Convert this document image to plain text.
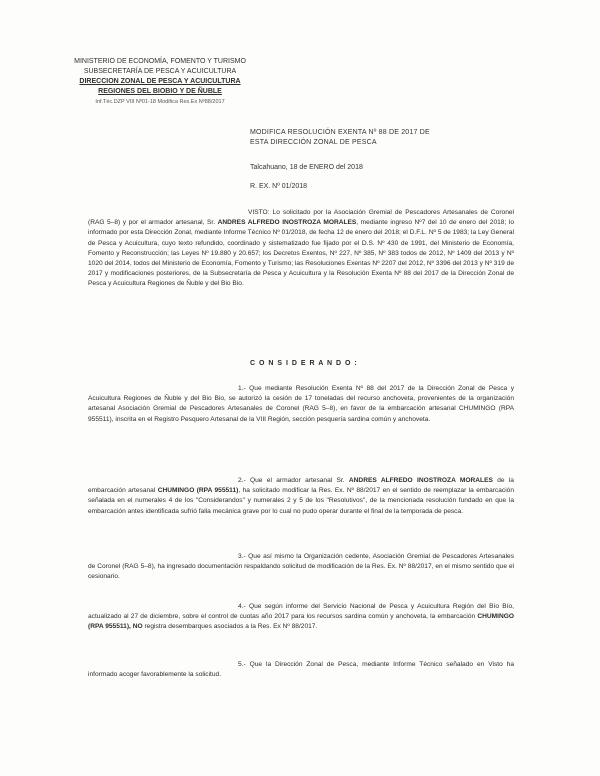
MINISTERIO DE ECONOMÍA, FOMENTO Y TURISMO
SUBSECRETARÍA DE PESCA Y ACUICULTURA
DIRECCION ZONAL DE PESCA Y ACUICULTURA
REGIONES DEL BIOBIO Y DE ÑUBLE
Inf.Téc.DZP VIII Nº01-18 Modifica Res.Ex Nº88/2017
MODIFICA RESOLUCIÓN EXENTA Nº 88 DE 2017 DE
ESTA DIRECCIÓN ZONAL DE PESCA
Talcahuano, 18 de ENERO del 2018
R. EX. Nº 01/2018
VISTO: Lo solicitado por la Asociación Gremial de Pescadores Artesanales de Coronel (RAG 5–8) y por el armador artesanal, Sr. ANDRES ALFREDO INOSTROZA MORALES, mediante ingreso Nº7 del 10 de enero del 2018; lo informado por esta Dirección Zonal, mediante Informe Técnico Nº 01/2018, de fecha 12 de enero del 2018; el D.F.L. Nº 5 de 1983; la Ley General de Pesca y Acuicultura, cuyo texto refundido, coordinado y sistematizado fue fijado por el D.S. Nº 430 de 1991, del Ministerio de Economía, Fomento y Reconstrucción; las Leyes Nº 19.880 y 20.657; los Decretos Exentos, Nº 227, Nº 385, Nº 383 todos de 2012, Nº 1409 del 2013 y Nº 1020 del 2014, todos del Ministerio de Economía, Fomento y Turismo; las Resoluciones Exentas Nº 2207 del 2012, Nº 3396 del 2013 y Nº 319 de 2017 y modificaciones posteriores, de la Subsecretaría de Pesca y Acuicultura y la Resolución Exenta Nº 88 del 2017 de la Dirección Zonal de Pesca y Acuicultura Regiones de Ñuble y del Bio Bio.
C O N S I D E R A N D O :
1.- Que mediante Resolución Exenta Nº 88 del 2017 de la Dirección Zonal de Pesca y Acuicultura Regiones de Ñuble y del Bio Bio, se autorizó la cesión de 17 toneladas del recurso anchoveta, provenientes de la organización artesanal Asociación Gremial de Pescadores Artesanales de Coronel (RAG 5–8), en favor de la embarcación artesanal CHUMINGO (RPA 955511), inscrita en el Registro Pesquero Artesanal de la VIII Región, sección pesquería sardina común y anchoveta.
2.- Que el armador artesanal Sr. ANDRES ALFREDO INOSTROZA MORALES de la embarcación artesanal CHUMINGO (RPA 955511), ha solicitado modificar la Res. Ex. Nº 88/2017 en el sentido de reemplazar la embarcación señalada en el numerales 4 de los "Considerandos" y numerales 2 y 5 de los "Resolutivos", de la mencionada resolución fundado en que la embarcación antes identificada sufrió falla mecánica grave por lo cual no pudo operar durante el final de la temporada de pesca.
3.- Que así mismo la Organización cedente, Asociación Gremial de Pescadores Artesanales de Coronel (RAG 5–8), ha ingresado documentación respaldando solicitud de modificación de la Res. Ex. Nº 88/2017, en el mismo sentido que el cesionario.
4.- Que según informe del Servicio Nacional de Pesca y Acuicultura Región del Bío Bío, actualizado al 27 de diciembre, sobre el control de cuotas año 2017 para los recursos sardina común y anchoveta, la embarcación CHUMINGO (RPA 955511), NO registra desembarques asociados a la Res. Ex Nº 88/2017.
5.- Que la Dirección Zonal de Pesca, mediante Informe Técnico señalado en Visto ha informado acoger favorablemente la solicitud.
